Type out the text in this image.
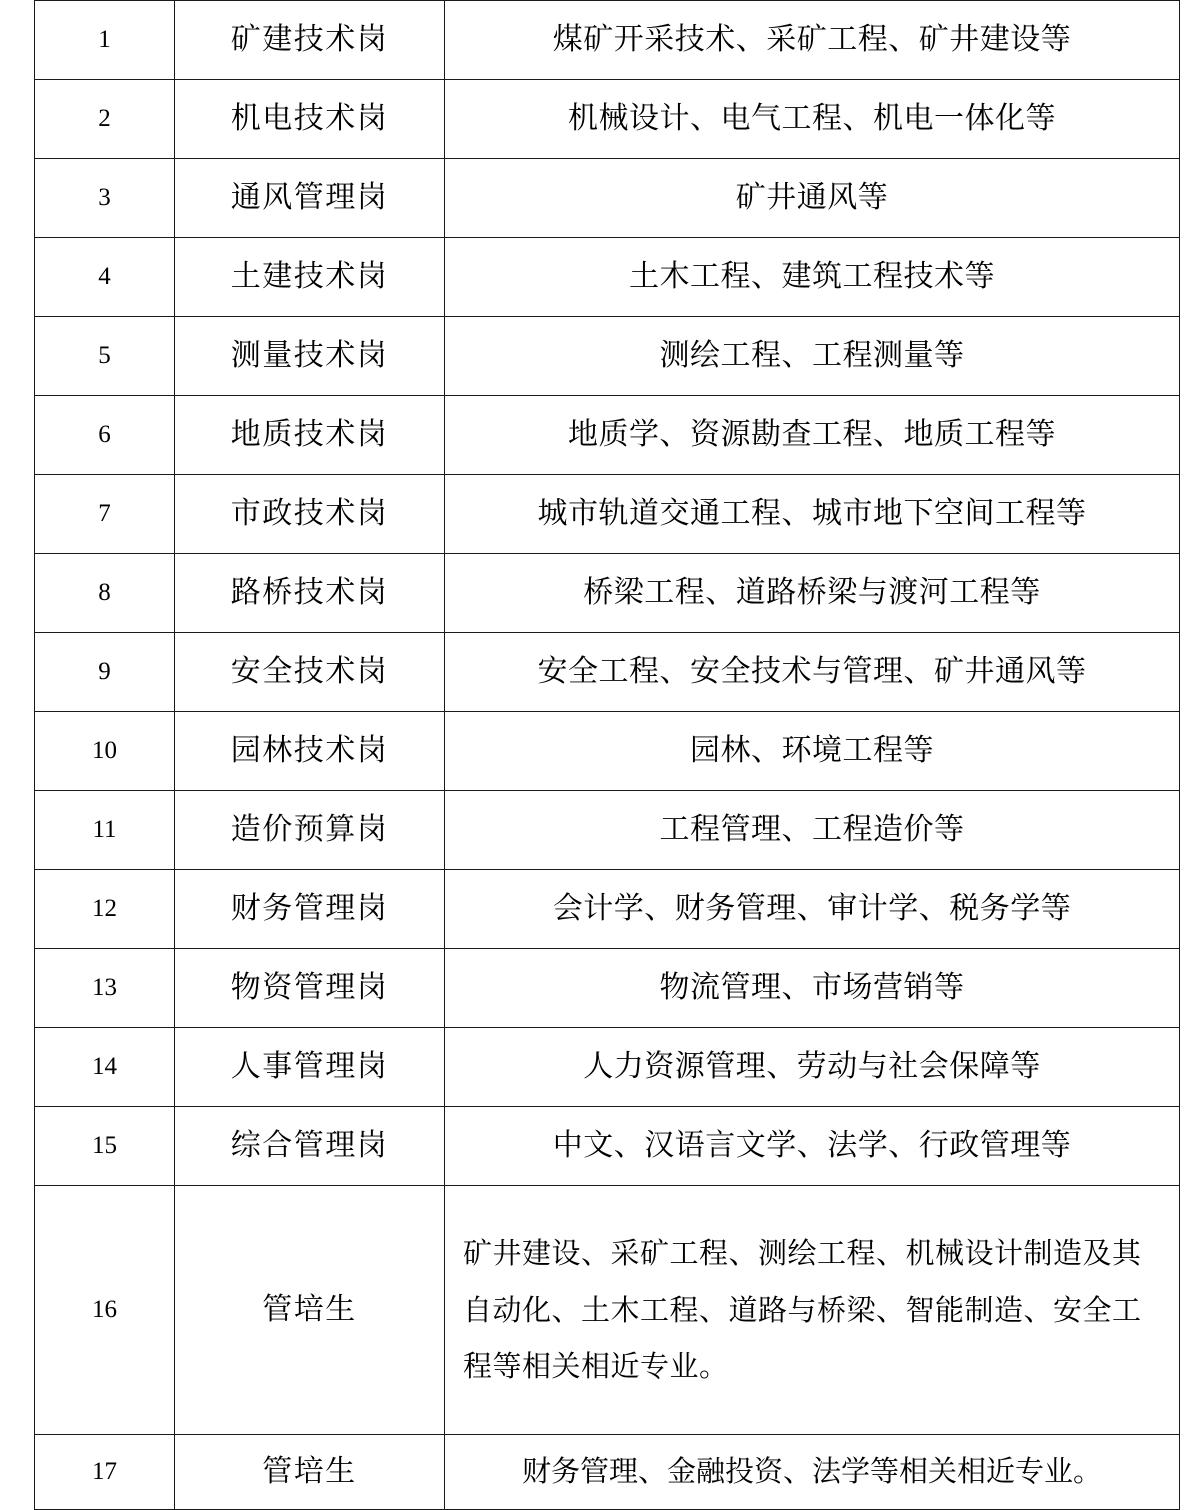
1	矿建技术岗	煤矿开采技术、采矿工程、矿井建设等
2	机电技术岗	机械设计、电气工程、机电一体化等
3	通风管理岗	矿井通风等
4	土建技术岗	土木工程、建筑工程技术等
5	测量技术岗	测绘工程、工程测量等
6	地质技术岗	地质学、资源勘查工程、地质工程等
7	市政技术岗	城市轨道交通工程、城市地下空间工程等
8	路桥技术岗	桥梁工程、道路桥梁与渡河工程等
9	安全技术岗	安全工程、安全技术与管理、矿井通风等
10	园林技术岗	园林、环境工程等
11	造价预算岗	工程管理、工程造价等
12	财务管理岗	会计学、财务管理、审计学、税务学等
13	物资管理岗	物流管理、市场营销等
14	人事管理岗	人力资源管理、劳动与社会保障等
15	综合管理岗	中文、汉语言文学、法学、行政管理等
16	管培生	矿井建设、采矿工程、测绘工程、机械设计制造及其自动化、土木工程、道路与桥梁、智能制造、安全工程等相关相近专业。
17	管培生	财务管理、金融投资、法学等相关相近专业。
